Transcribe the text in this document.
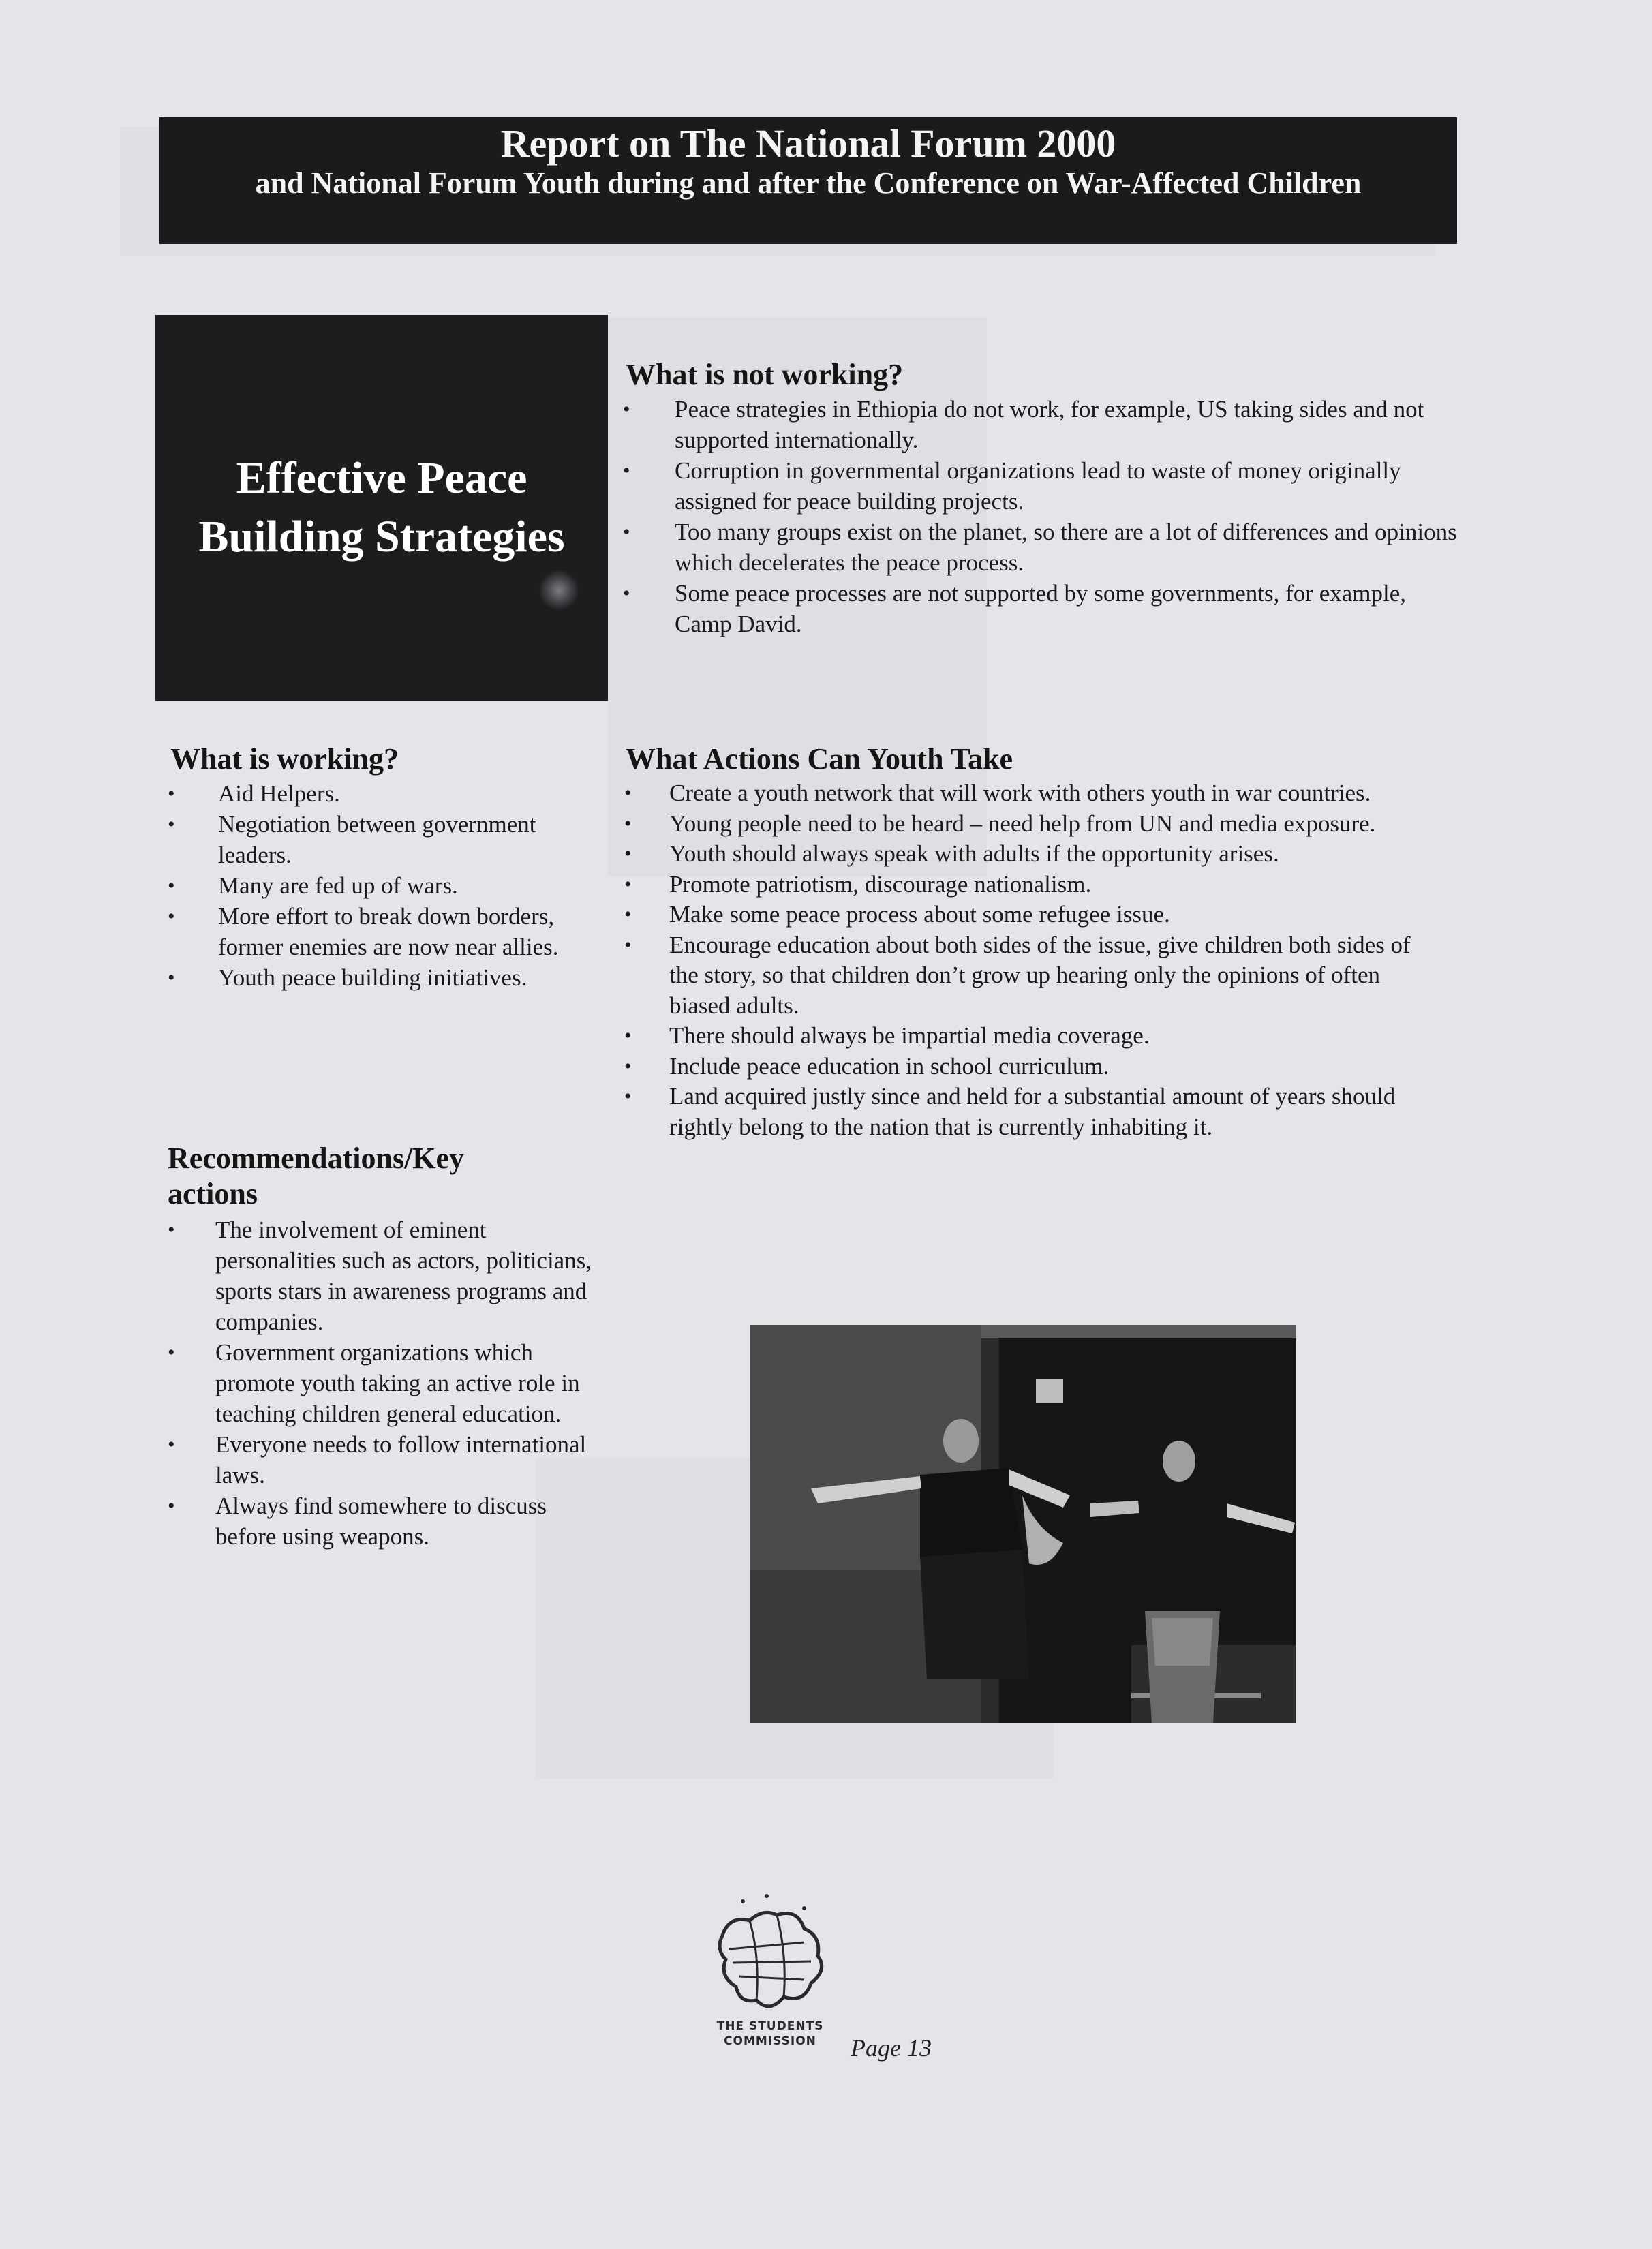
Report on The National Forum 2000
and National Forum Youth during and after the Conference on War-Affected Children
Effective Peace
Building Strategies
What is not working?
• Peace strategies in Ethiopia do not work, for example, US taking sides and not supported internationally.
• Corruption in governmental organizations lead to waste of money originally assigned for peace building projects.
• Too many groups exist on the planet, so there are a lot of differences and opinions which decelerates the peace process.
• Some peace processes are not supported by some governments, for example, Camp David.
What is working?
• Aid Helpers.
• Negotiation between government leaders.
• Many are fed up of wars.
• More effort to break down borders, former enemies are now near allies.
• Youth peace building initiatives.
What Actions Can Youth Take
• Create a youth network that will work with others youth in war countries.
• Young people need to be heard – need help from UN and media exposure.
• Youth should always speak with adults if the opportunity arises.
• Promote patriotism, discourage nationalism.
• Make some peace process about some refugee issue.
• Encourage education about both sides of the issue, give children both sides of the story, so that children don’t grow up hearing only the opinions of often biased adults.
• There should always be impartial media coverage.
• Include peace education in school curriculum.
• Land acquired justly since and held for a substantial amount of years should rightly belong to the nation that is currently inhabiting it.
Recommendations/Key
actions
• The involvement of eminent personalities such as actors, politicians, sports stars in awareness programs and companies.
• Government organizations which promote youth taking an active role in teaching children general education.
• Everyone needs to follow international laws.
• Always find somewhere to discuss before using weapons.
THE STUDENTS
COMMISSION	Page 13
